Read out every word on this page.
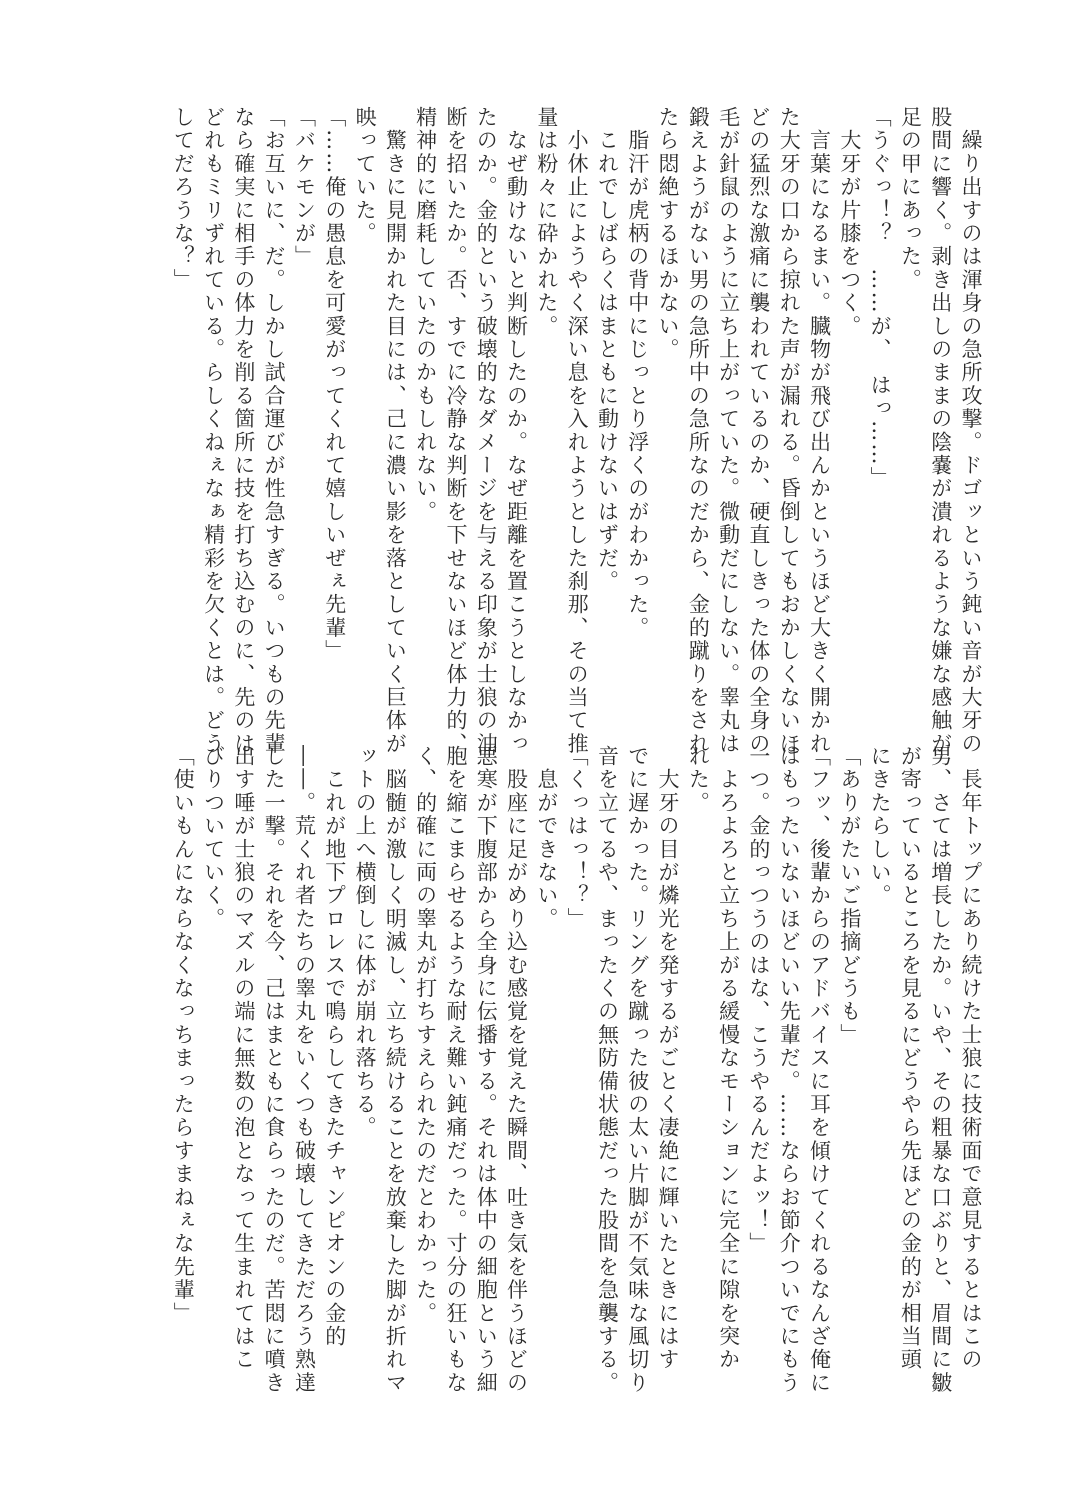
　繰り出すのは渾身の急所攻撃。ドゴッという鈍い音が大牙の
股間に響く。剥き出しのままの陰嚢が潰れるような嫌な感触が
足の甲にあった。
「うぐっ！？　……が、　はっ……」
　大牙が片膝をつく。
　言葉になるまい。臓物が飛び出んかというほど大きく開かれ
た大牙の口から掠れた声が漏れる。昏倒してもおかしくないほ
どの猛烈な激痛に襲われているのか、硬直しきった体の全身の
毛が針鼠のように立ち上がっていた。微動だにしない。睾丸は
鍛えようがない男の急所中の急所なのだから、金的蹴りをされ
たら悶絶するほかない。
　脂汗が虎柄の背中にじっとり浮くのがわかった。
　これでしばらくはまともに動けないはずだ。
　小休止にようやく深い息を入れようとした刹那、その当て推
量は粉々に砕かれた。
　なぜ動けないと判断したのか。なぜ距離を置こうとしなかっ
たのか。金的という破壊的なダメージを与える印象が士狼の油
断を招いたか。否、すでに冷静な判断を下せないほど体力的、
精神的に磨耗していたのかもしれない。
　驚きに見開かれた目には、己に濃い影を落としていく巨体が
映っていた。
「……俺の愚息を可愛がってくれて嬉しいぜぇ先輩」
「バケモンが」
「お互いに、だ。しかし試合運びが性急すぎる。いつもの先輩
なら確実に相手の体力を削る箇所に技を打ち込むのに、先のは
どれもミリずれている。らしくねぇなぁ精彩を欠くとは。どう
してだろうな？」
　長年トップにあり続けた士狼に技術面で意見するとはこの
男、さては増長したか。いや、その粗暴な口ぶりと、眉間に皺
が寄っているところを見るにどうやら先ほどの金的が相当頭
にきたらしい。
「ありがたいご指摘どうも」
「フッ、後輩からのアドバイスに耳を傾けてくれるなんざ俺に
はもったいないほどいい先輩だ。……ならお節介ついでにもう
一つ。金的っつうのはな、こうやるんだよッ！」
　よろよろと立ち上がる緩慢なモーションに完全に隙を突か
れた。
　大牙の目が燐光を発するがごとく凄絶に輝いたときにはす
でに遅かった。リングを蹴った彼の太い片脚が不気味な風切り
音を立てるや、まったくの無防備状態だった股間を急襲する。
「くっはっ！？」
　息ができない。
　股座に足がめり込む感覚を覚えた瞬間、吐き気を伴うほどの
悪寒が下腹部から全身に伝播する。それは体中の細胞という細
胞を縮こまらせるような耐え難い鈍痛だった。寸分の狂いもな
く、的確に両の睾丸が打ちすえられたのだとわかった。
　脳髄が激しく明滅し、立ち続けることを放棄した脚が折れマ
ットの上へ横倒しに体が崩れ落ちる。
　これが地下プロレスで鳴らしてきたチャンピオンの金的
――。荒くれ者たちの睾丸をいくつも破壊してきただろう熟達
した一撃。それを今、己はまともに食らったのだ。苦悶に噴き
出す唾が士狼のマズルの端に無数の泡となって生まれてはこ
びりついていく。
「使いもんにならなくなっちまったらすまねぇな先輩」
